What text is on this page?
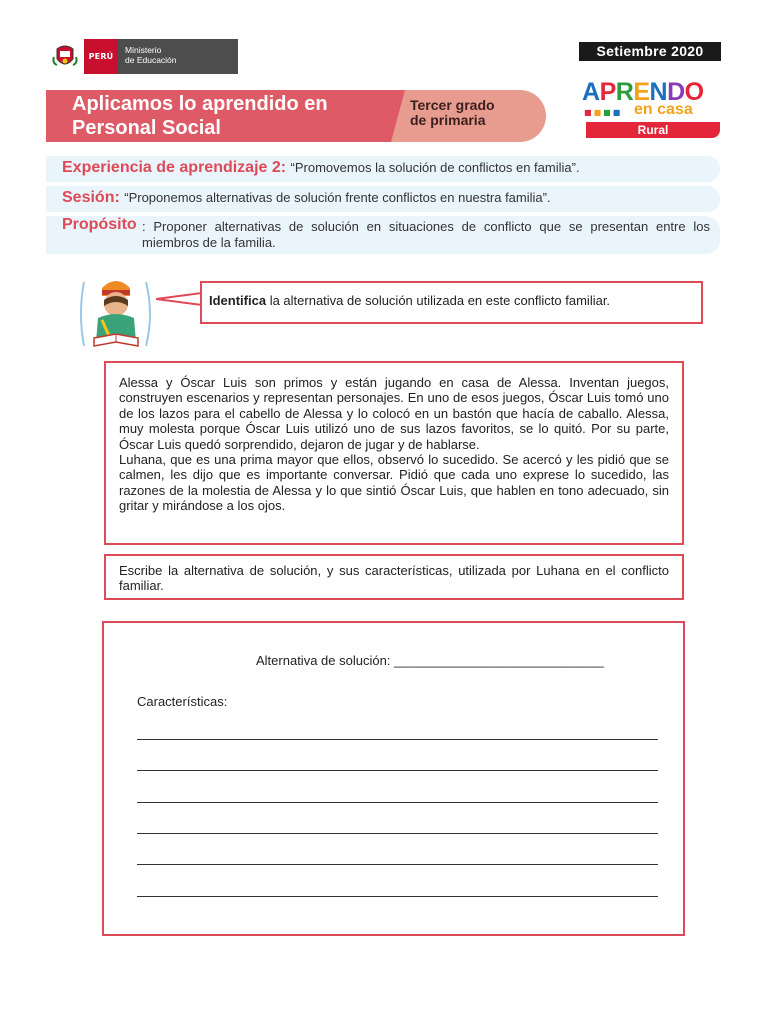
PERÚ
Ministerio
de Educación
Setiembre 2020
Aplicamos lo aprendido en Personal Social
Tercer grado
de primaria
APRENDO
■■■■ en casa
Rural
Experiencia de aprendizaje 2: “Promovemos la solución de conflictos en familia”.
Sesión: “Proponemos alternativas de solución frente conflictos en nuestra familia”.
Propósito : Proponer alternativas de solución en situaciones de conflicto que se presentan entre los miembros de la familia.
Identifica la alternativa de solución utilizada en este conflicto familiar.

Alessa y Óscar Luis son primos y están jugando en casa de Alessa. Inventan juegos, construyen escenarios y representan personajes. En uno de esos juegos, Óscar Luis tomó uno de los lazos para el cabello de Alessa y lo colocó en un bastón que hacía de caballo. Alessa, muy molesta porque Óscar Luis utilizó uno de sus lazos favoritos, se lo quitó. Por su parte, Óscar Luis quedó sorprendido, dejaron de jugar y de hablarse.

Luhana, que es una prima mayor que ellos, observó lo sucedido. Se acercó y les pidió que se calmen, les dijo que es importante conversar. Pidió que cada uno exprese lo sucedido, las razones de la molestia de Alessa y lo que sintió Óscar Luis, que hablen en tono adecuado, sin gritar y mirándose a los ojos.

Escribe la alternativa de solución, y sus características, utilizada por Luhana en el conflicto familiar.
Alternativa de solución: _____________________________
Características:
